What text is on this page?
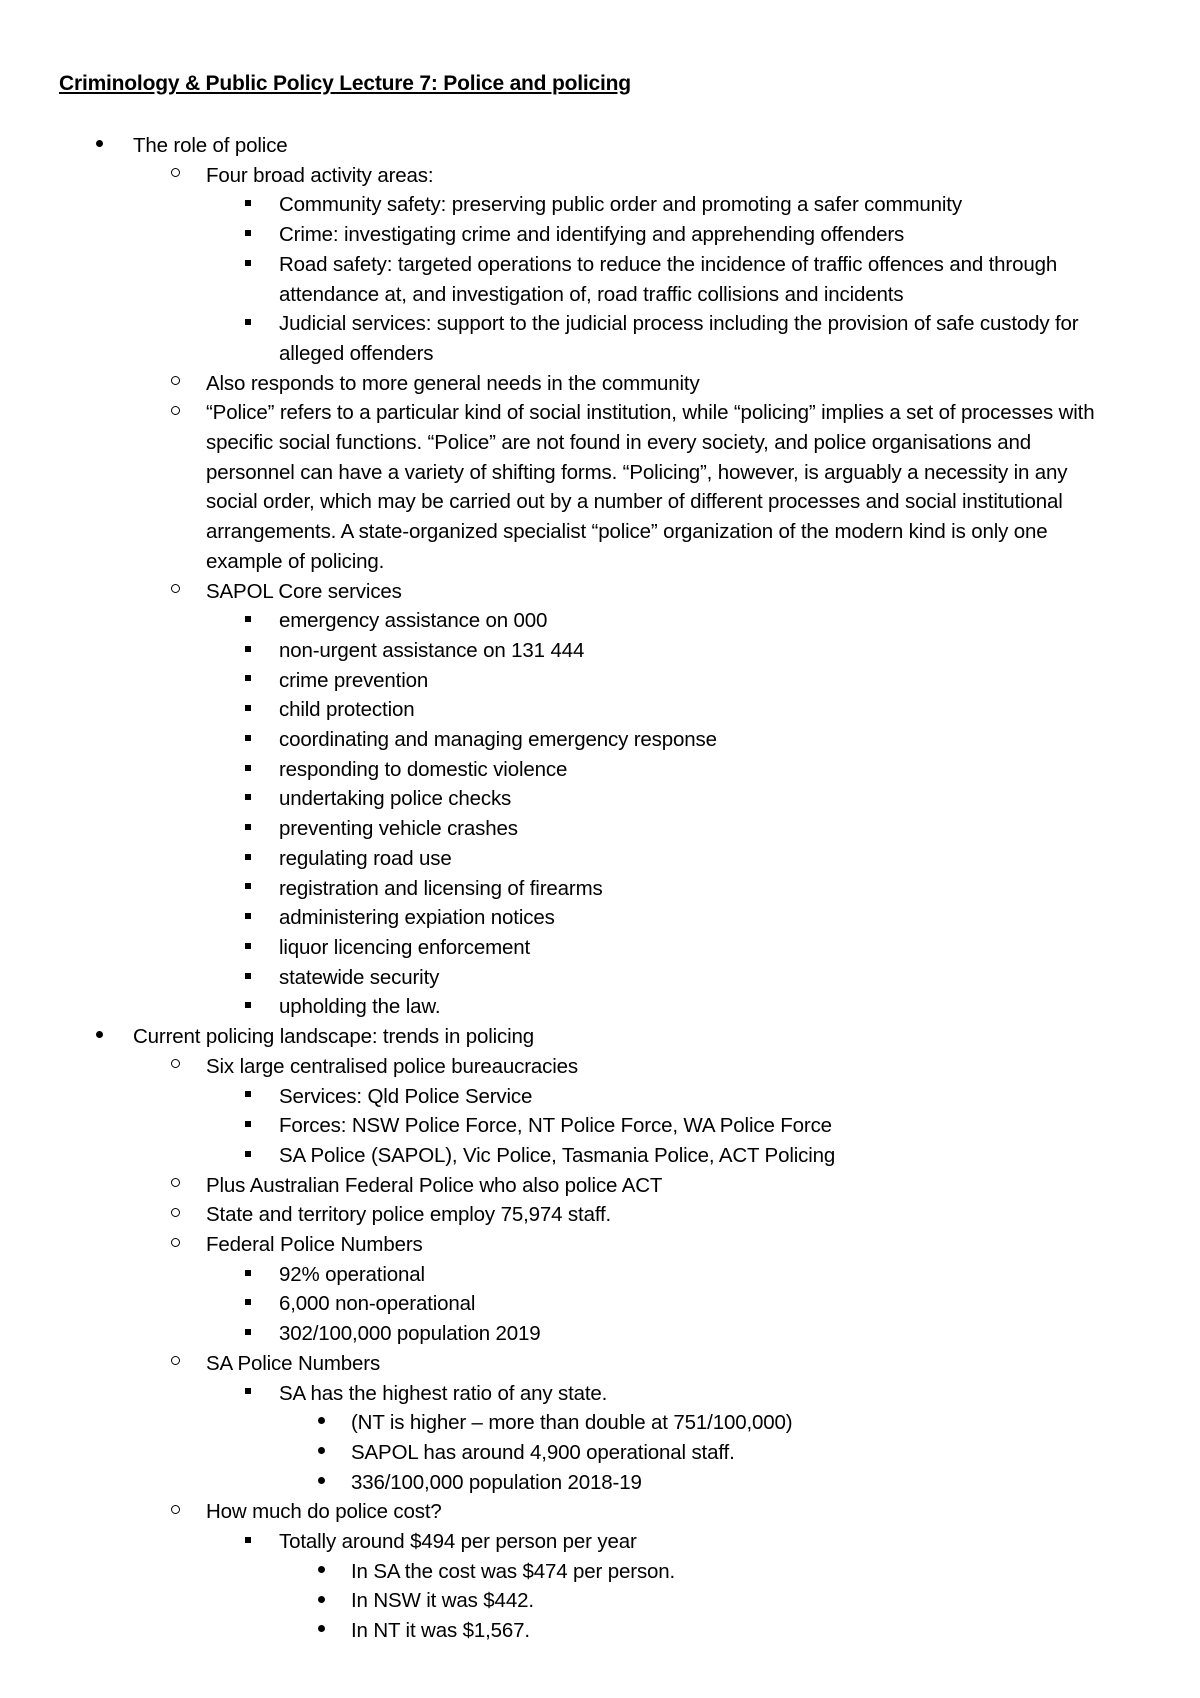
Criminology & Public Policy Lecture 7: Police and policing
The role of police
Four broad activity areas:
Community safety: preserving public order and promoting a safer community
Crime: investigating crime and identifying and apprehending offenders
Road safety: targeted operations to reduce the incidence of traffic offences and through attendance at, and investigation of, road traffic collisions and incidents
Judicial services: support to the judicial process including the provision of safe custody for alleged offenders
Also responds to more general needs in the community
“Police” refers to a particular kind of social institution, while “policing” implies a set of processes with specific social functions. “Police” are not found in every society, and police organisations and personnel can have a variety of shifting forms. “Policing”, however, is arguably a necessity in any social order, which may be carried out by a number of different processes and social institutional arrangements. A state-organized specialist “police” organization of the modern kind is only one example of policing.
SAPOL Core services
emergency assistance on 000
non-urgent assistance on 131 444
crime prevention
child protection
coordinating and managing emergency response
responding to domestic violence
undertaking police checks
preventing vehicle crashes
regulating road use
registration and licensing of firearms
administering expiation notices
liquor licencing enforcement
statewide security
upholding the law.
Current policing landscape: trends in policing
Six large centralised police bureaucracies
Services: Qld Police Service
Forces: NSW Police Force, NT Police Force, WA Police Force
SA Police (SAPOL), Vic Police, Tasmania Police, ACT Policing
Plus Australian Federal Police who also police ACT
State and territory police employ 75,974 staff.
Federal Police Numbers
92% operational
6,000 non-operational
302/100,000 population 2019
SA Police Numbers
SA has the highest ratio of any state.
(NT is higher – more than double at 751/100,000)
SAPOL has around 4,900 operational staff.
336/100,000 population 2018-19
How much do police cost?
Totally around $494 per person per year
In SA the cost was $474 per person.
In NSW it was $442.
In NT it was $1,567.
